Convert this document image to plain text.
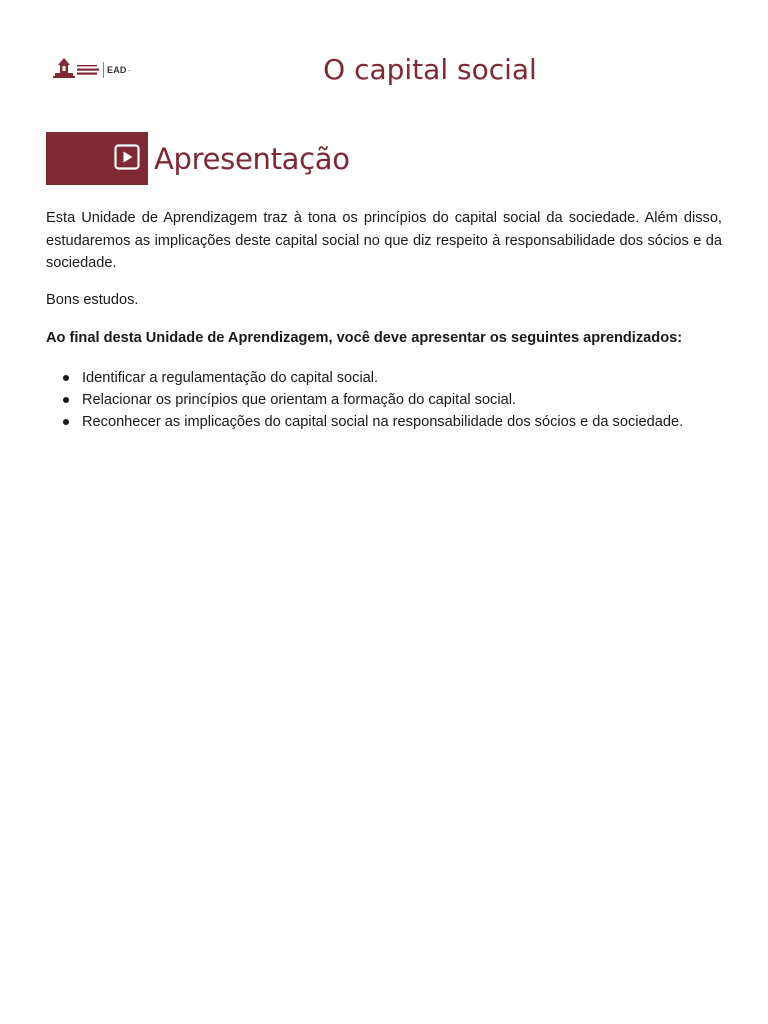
EAD ·	O capital social
Apresentação

Esta Unidade de Aprendizagem traz à tona os princípios do capital social da sociedade. Além disso, estudaremos as implicações deste capital social no que diz respeito à responsabilidade dos sócios e da sociedade.

Bons estudos.

Ao final desta Unidade de Aprendizagem, você deve apresentar os seguintes aprendizados:

Identificar a regulamentação do capital social.
Relacionar os princípios que orientam a formação do capital social.
Reconhecer as implicações do capital social na responsabilidade dos sócios e da sociedade.
